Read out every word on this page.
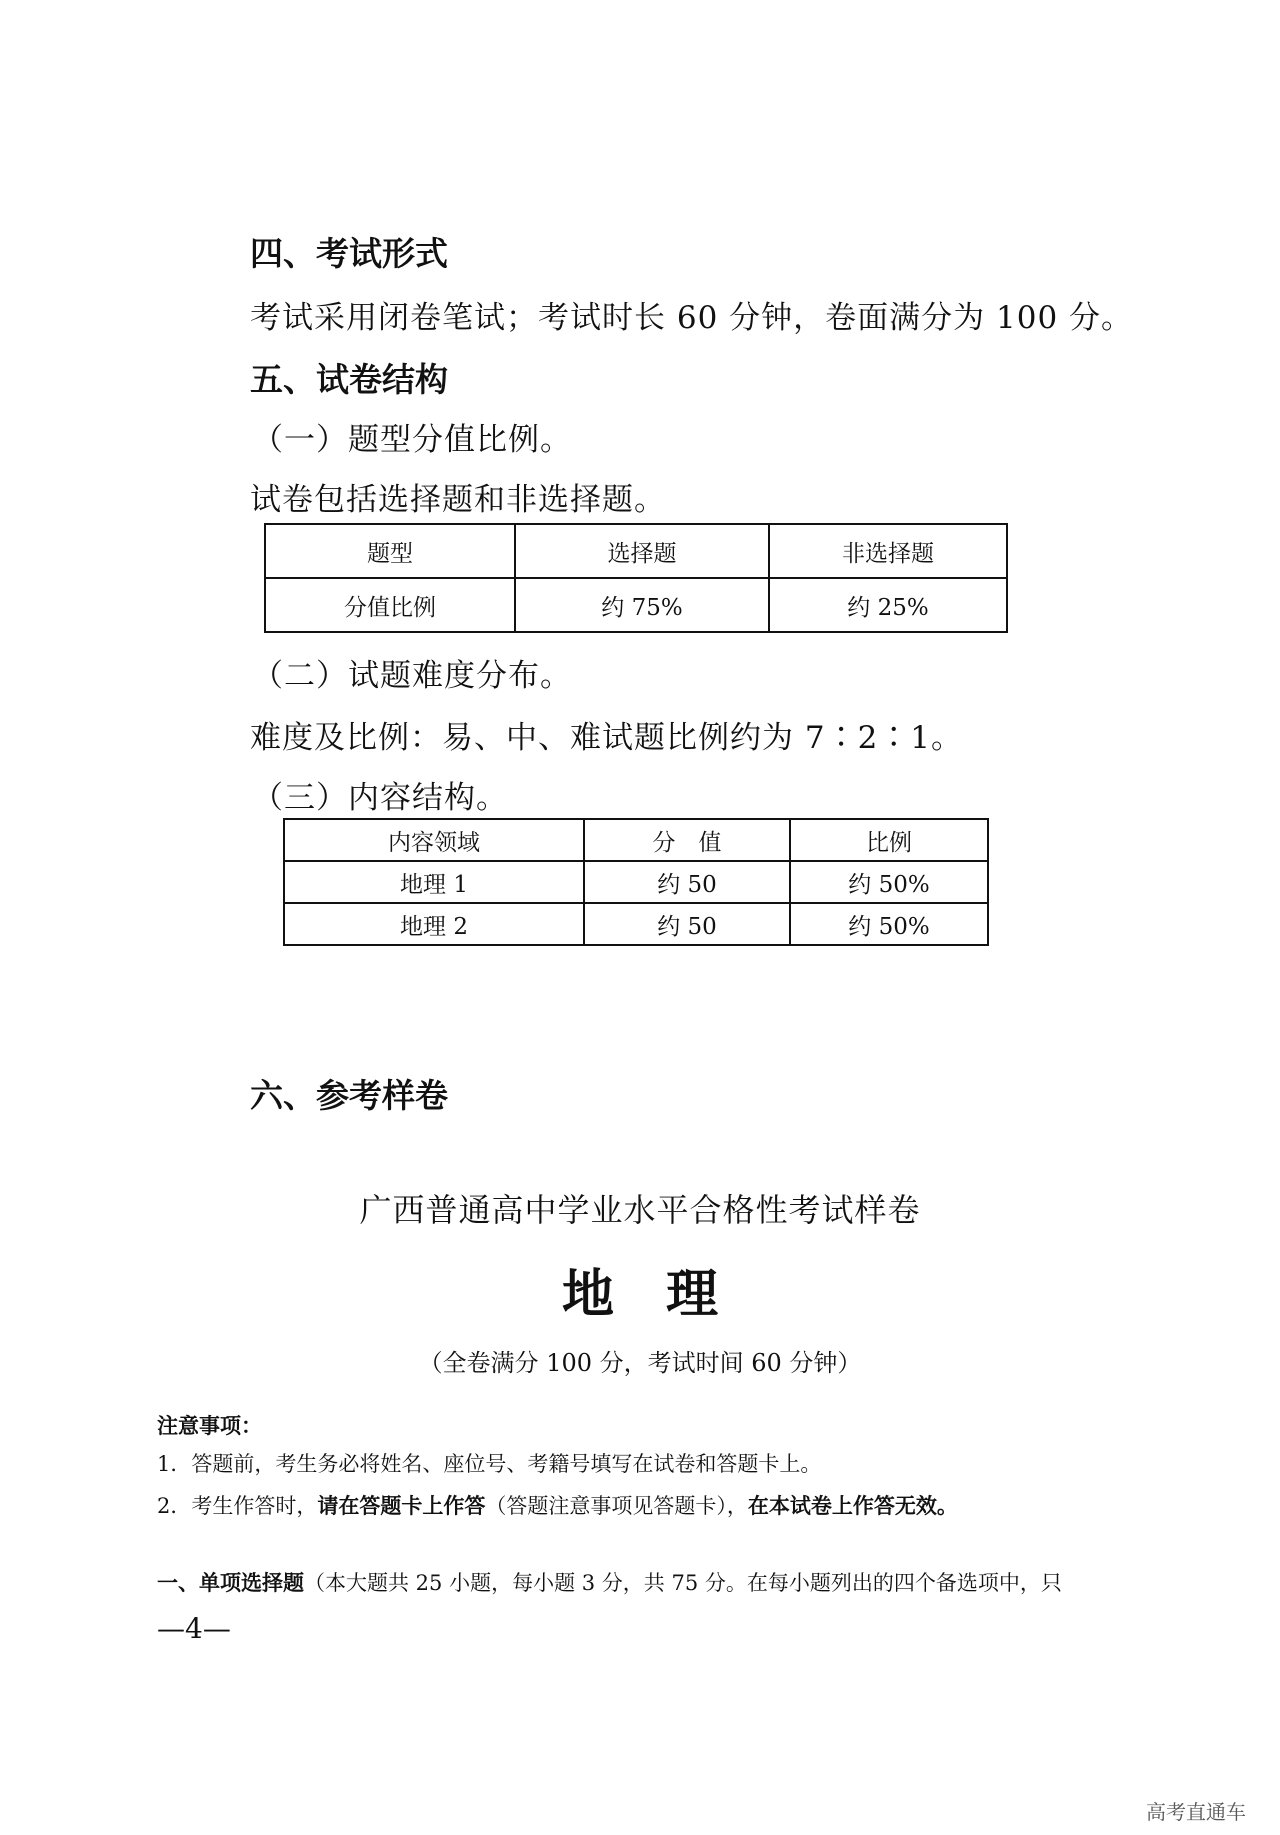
四、考试形式
考试采用闭卷笔试；考试时长 60 分钟，卷面满分为 100 分。
五、试卷结构
（一）题型分值比例。
试卷包括选择题和非选择题。
题型	选择题	非选择题
分值比例	约 75%	约 25%
（二）试题难度分布。
难度及比例：易、中、难试题比例约为 7∶2∶1。
（三）内容结构。
内容领域	分　值	比例
地理 1	约 50	约 50%
地理 2	约 50	约 50%
六、参考样卷
广西普通高中学业水平合格性考试样卷
地　理
（全卷满分 100 分，考试时间 60 分钟）
注意事项：
1．答题前，考生务必将姓名、座位号、考籍号填写在试卷和答题卡上。
2．考生作答时，请在答题卡上作答（答题注意事项见答题卡），在本试卷上作答无效。
一、单项选择题（本大题共 25 小题，每小题 3 分，共 75 分。在每小题列出的四个备选项中，只
—4—
高考直通车
